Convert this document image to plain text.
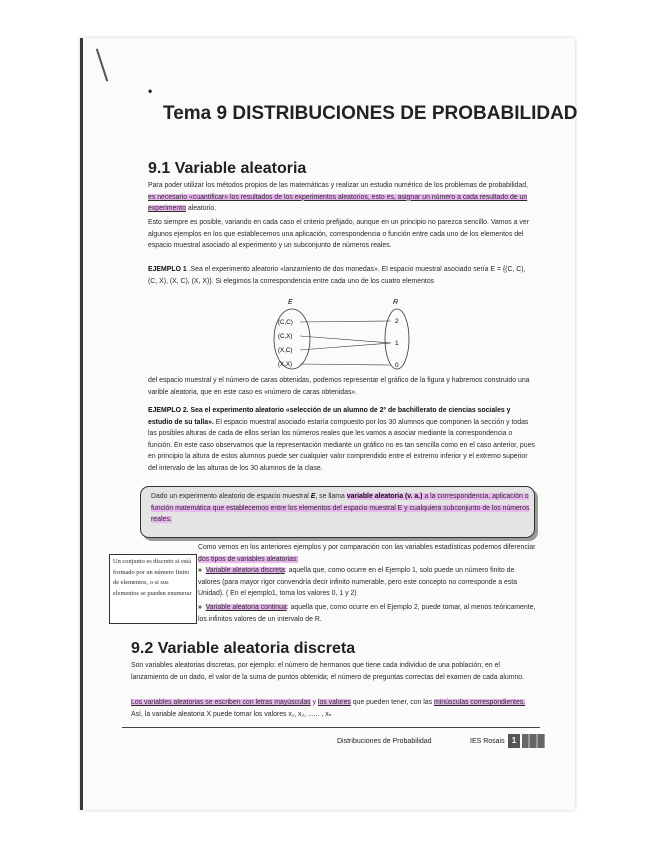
•
Tema 9 DISTRIBUCIONES DE PROBABILIDAD
9.1 Variable aleatoria
Para poder utilizar los métodos propios de las matemáticas y realizar un estudio numérico de los problemas de probabilidad, es necesario «cuantificar» los resultados de los experimentos aleatorios, esto es, asignar un número a cada resultado de un experimento aleatorio.
Esto siempre es posible, variando en cada caso el criterio prefijado, aunque en un principio no parezca sencillo. Vamos a ver algunos ejemplos en los que establecemos una aplicación, correspondencia o función entre cada uno de los elementos del espacio muestral asociado al experimento y un subconjunto de números reales.
EJEMPLO 1 .Sea el experimento aleatorio «lanzamiento de dos monedas». El espacio muestral asociado sería E = {(C, C), (C, X), (X, C), (X, X)}. Si elegimos la correspondencia entre cada uno de los cuatro elementos
E	R
(C,C)
(C,X)
(X,C)
(X,X)
2
1
0
del espacio muestral y el número de caras obtenidas, podemos representar el gráfico de la figura y habremos construido una varible aleatoria, que en este caso es «número de caras obtenidas».
EJEMPLO 2. Sea el experimento aleatorio «selección de un alumno de 2º de bachillerato de ciencias sociales y estudio de su talla». El espacio muestral asociado estaría compuesto por los 30 alumnos que componen la sección y todas las posibles alturas de cada de ellos serían los números reales que les vamos a asociar mediante la correspondencia o función. En este caso observamos que la representación mediante un gráfico no es tan sencilla como en el caso anterior, pues en principio la altura de estos alumnos puede ser cualquier valor comprendido entre el extremo inferior y el extremo superior del intervalo de las alturas de los 30 alumnos de la clase.
Dado un experimento aleatorio de espacio muestral E, se llama variable aleatoria (v. a.) a la correspondencia, aplicación o función matemática que establecemos entre los elementos del espacio muestral E y cualquiera subconjunto de los números reales.
Como vemos en los anteriores ejemplos y por comparación con las variables estadísticas podemos diferenciar dos tipos de variables aleatorias:
Un conjunto es discreto si está formado por un número finito de elementos, o si sus elementos se pueden enumerar
»  Variable aleatoria discreta: aquella que, como ocurre en el Ejemplo 1, solo puede un número finito de valores (para mayor rigor convendría decir infinito numerable, pero este concepto no corresponde a esta Unidad). ( En el ejemplo1, toma los valores 0, 1 y 2)
»  Variable aleatoria continua: aquella que, como ocurre en el Ejemplo 2, puede tomar, al menos teóricamente, los infinitos valores de un intervalo de R.
9.2 Variable aleatoria discreta
Son variables aleatorias discretas, por ejemplo: el número de hermanos que tiene cada individuo de una población; en el lanzamiento de un dado, el valor de la suma de puntos obtenida; el número de preguntas correctas del examen de cada alumno.
Los variables aleatorias se escriben con letras mayúsculas y los valores que pueden tener, con las minúsculas correspondientes. Así, la variable aleatoria X puede tomar los valores x₁, x₂, ...... , xₙ
Distribuciones de Probabilidad	IES Rosais 1
